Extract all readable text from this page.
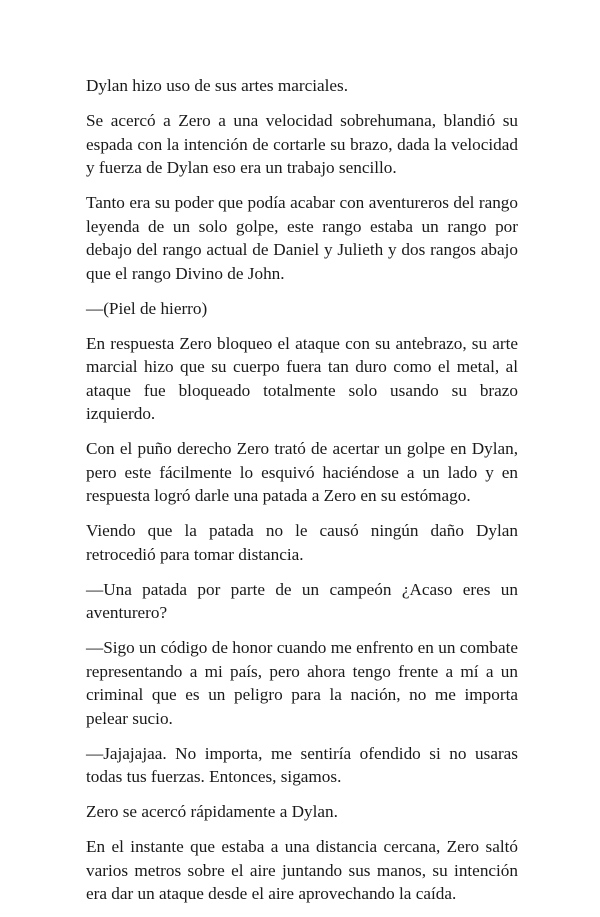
Dylan hizo uso de sus artes marciales.

Se acercó a Zero a una velocidad sobrehumana, blandió su espada con la intención de cortarle su brazo, dada la velocidad y fuerza de Dylan eso era un trabajo sencillo.

Tanto era su poder que podía acabar con aventureros del rango leyenda de un solo golpe, este rango estaba un rango por debajo del rango actual de Daniel y Julieth y dos rangos abajo que el rango Divino de John.

—(Piel de hierro)

En respuesta Zero bloqueo el ataque con su antebrazo, su arte marcial hizo que su cuerpo fuera tan duro como el metal, al ataque fue bloqueado totalmente solo usando su brazo izquierdo.

Con el puño derecho Zero trató de acertar un golpe en Dylan, pero este fácilmente lo esquivó haciéndose a un lado y en respuesta logró darle una patada a Zero en su estómago.

Viendo que la patada no le causó ningún daño Dylan retrocedió para tomar distancia.

—Una patada por parte de un campeón ¿Acaso eres un aventurero?

—Sigo un código de honor cuando me enfrento en un combate representando a mi país, pero ahora tengo frente a mí a un criminal que es un peligro para la nación, no me importa pelear sucio.

—Jajajajaa. No importa, me sentiría ofendido si no usaras todas tus fuerzas. Entonces, sigamos.

Zero se acercó rápidamente a Dylan.

En el instante que estaba a una distancia cercana, Zero saltó varios metros sobre el aire juntando sus manos, su intención era dar un ataque desde el aire aprovechando la caída.
